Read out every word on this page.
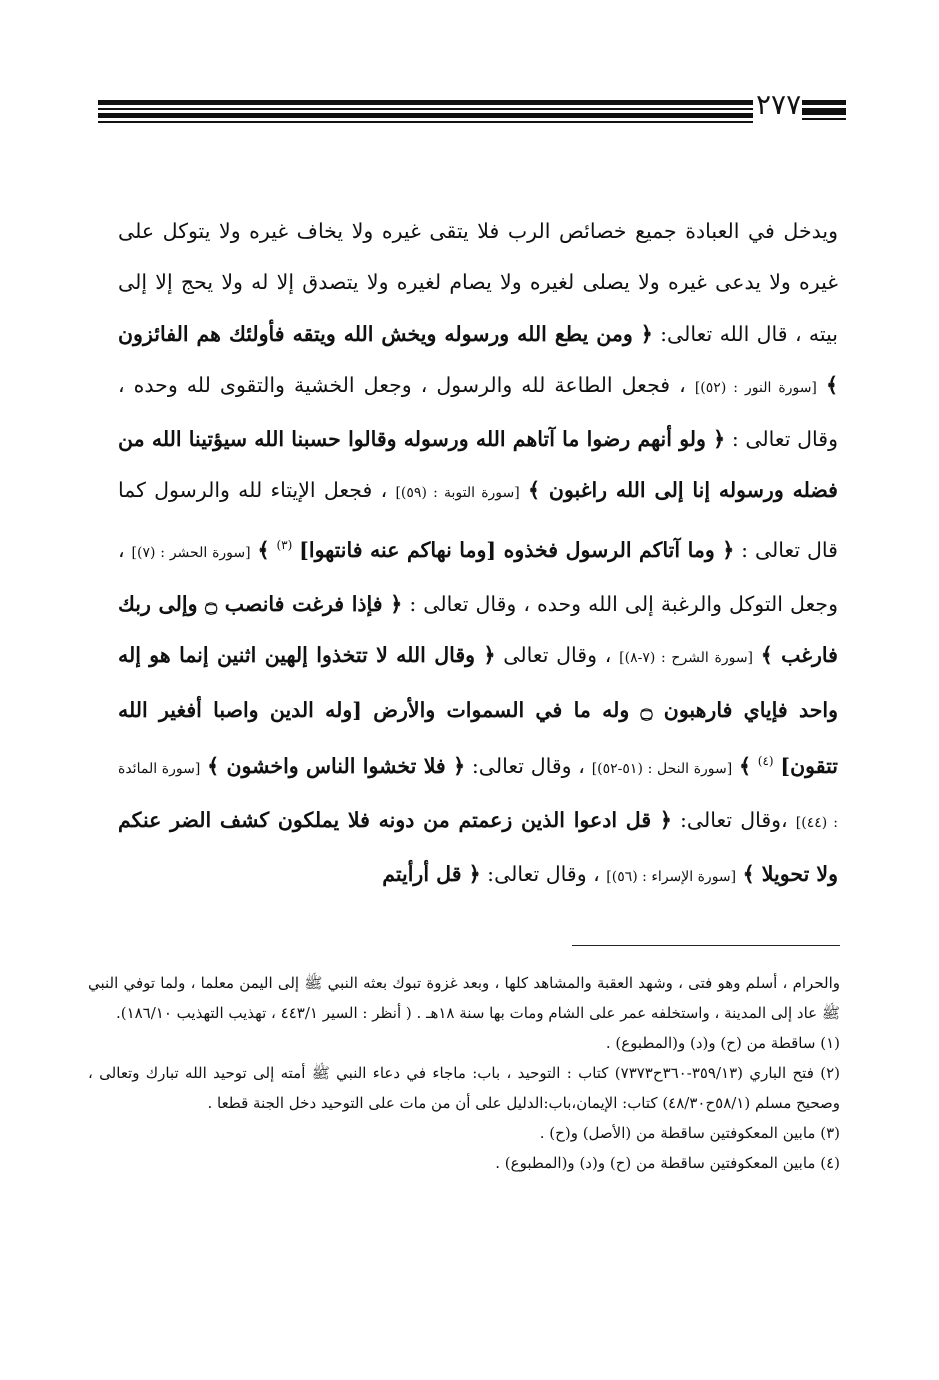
٢٧٧

ويدخل في العبادة جميع خصائص الرب فلا يتقى غيره ولا يخاف غيره ولا يتوكل على غيره ولا يدعى غيره ولا يصلى لغيره ولا يصام لغيره ولا يتصدق إلا له ولا يحج إلا إلى بيته ، قال الله تعالى: ﴿ ومن يطع الله ورسوله ويخش الله ويتقه فأولئك هم الفائزون ﴾ [سورة النور : (٥٢)] ، فجعل الطاعة لله والرسول ، وجعل الخشية والتقوى لله وحده ، وقال تعالى : ﴿ ولو أنهم رضوا ما آتاهم الله ورسوله وقالوا حسبنا الله سيؤتينا الله من فضله ورسوله إنا إلى الله راغبون ﴾ [سورة التوبة : (٥٩)] ، فجعل الإيتاء لله والرسول كما قال تعالى : ﴿ وما آتاكم الرسول فخذوه [وما نهاكم عنه فانتهوا] $^{(٣)}$ ﴾ [سورة الحشر : (٧)] ، وجعل التوكل والرغبة إلى الله وحده ، وقال تعالى : ﴿ فإذا فرغت فانصب ۝ وإلى ربك فارغب ﴾ [سورة الشرح : (٧-٨)] ، وقال تعالى ﴿ وقال الله لا تتخذوا إلهين اثنين إنما هو إله واحد فإياي فارهبون ۝ وله ما في السموات والأرض [وله الدين واصبا أفغير الله تتقون] $^{(٤)}$ ﴾ [سورة النحل : (٥١-٥٢)] ، وقال تعالى: ﴿ فلا تخشوا الناس واخشون ﴾ [سورة المائدة : (٤٤)] ،وقال تعالى: ﴿ قل ادعوا الذين زعمتم من دونه فلا يملكون كشف الضر عنكم ولا تحويلا ﴾ [سورة الإسراء : (٥٦)] ، وقال تعالى: ﴿ قل أرأيتم

والحرام ، أسلم وهو فتى ، وشهد العقبة والمشاهد كلها ، وبعد غزوة تبوك بعثه النبي ﷺ إلى اليمن معلما ، ولما توفي النبي ﷺ عاد إلى المدينة ، واستخلفه عمر على الشام ومات بها سنة ١٨هـ . ( أنظر : السير ٤٤٣/١ ، تهذيب التهذيب ١٨٦/١٠).

(١) ساقطة من (ح) و(د) و(المطبوع) .

(٢) فتح الباري (٣٥٩/١٣-٣٦٠ح٧٣٧٣) كتاب : التوحيد ، باب: ماجاء في دعاء النبي ﷺ أمته إلى توحيد الله تبارك وتعالى ، وصحيح مسلم (٥٨/١ح٤٨/٣٠) كتاب: الإيمان،باب:الدليل على أن من مات على التوحيد دخل الجنة قطعا .

(٣) مابين المعكوفتين ساقطة من (الأصل) و(ح) .

(٤) مابين المعكوفتين ساقطة من (ح) و(د) و(المطبوع) .
